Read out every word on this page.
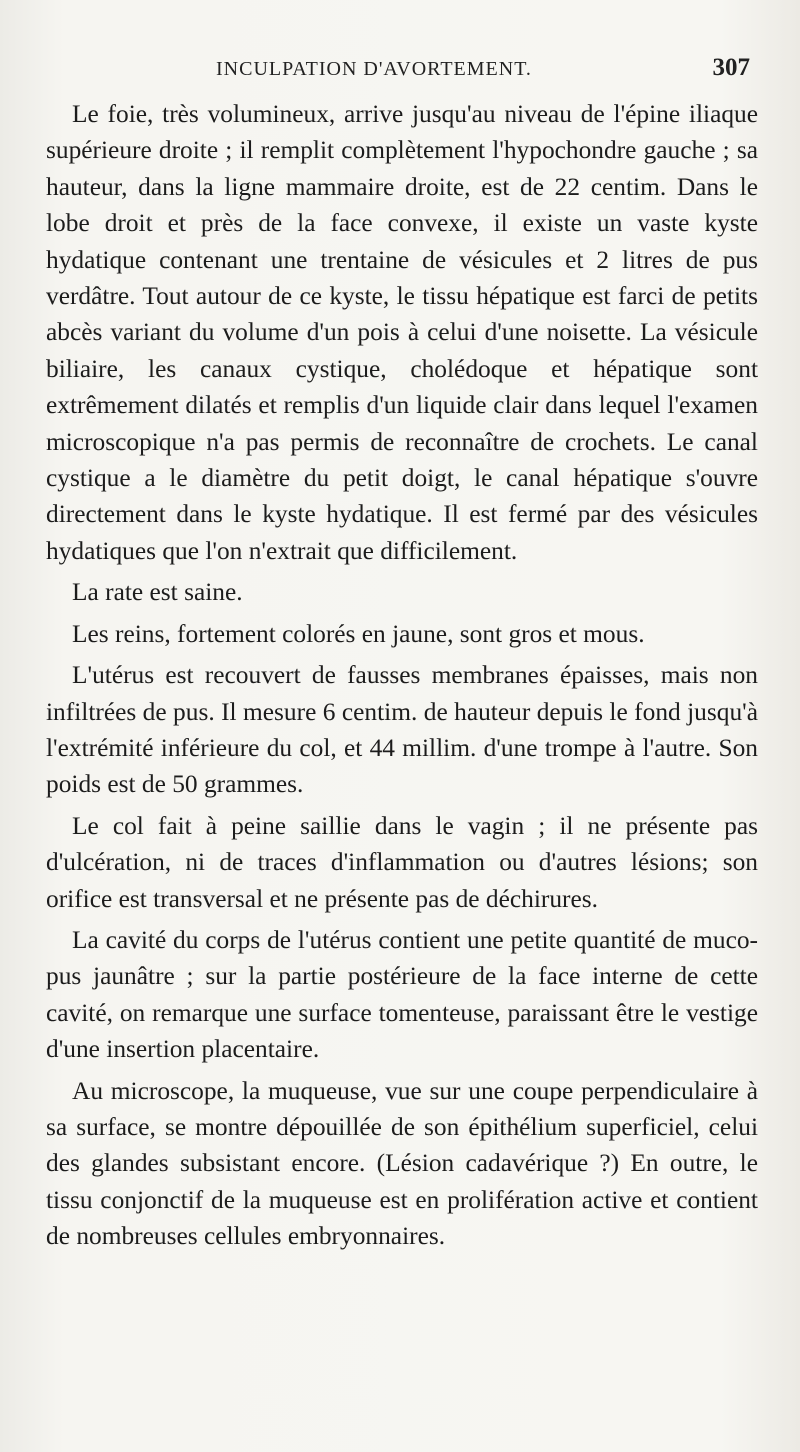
INCULPATION D'AVORTEMENT.	307

Le foie, très volumineux, arrive jusqu'au niveau de l'épine iliaque supérieure droite ; il remplit complètement l'hypochondre gauche ; sa hauteur, dans la ligne mammaire droite, est de 22 centim. Dans le lobe droit et près de la face convexe, il existe un vaste kyste hydatique contenant une trentaine de vésicules et 2 litres de pus verdâtre. Tout autour de ce kyste, le tissu hépatique est farci de petits abcès variant du volume d'un pois à celui d'une noisette. La vésicule biliaire, les canaux cystique, cholédoque et hépatique sont extrêmement dilatés et remplis d'un liquide clair dans lequel l'examen microscopique n'a pas permis de reconnaître de crochets. Le canal cystique a le diamètre du petit doigt, le canal hépatique s'ouvre directement dans le kyste hydatique. Il est fermé par des vésicules hydatiques que l'on n'extrait que difficilement.

La rate est saine.

Les reins, fortement colorés en jaune, sont gros et mous.

L'utérus est recouvert de fausses membranes épaisses, mais non infiltrées de pus. Il mesure 6 centim. de hauteur depuis le fond jusqu'à l'extrémité inférieure du col, et 44 millim. d'une trompe à l'autre. Son poids est de 50 grammes.

Le col fait à peine saillie dans le vagin ; il ne présente pas d'ulcération, ni de traces d'inflammation ou d'autres lésions; son orifice est transversal et ne présente pas de déchirures.

La cavité du corps de l'utérus contient une petite quantité de muco-pus jaunâtre ; sur la partie postérieure de la face interne de cette cavité, on remarque une surface tomenteuse, paraissant être le vestige d'une insertion placentaire.

Au microscope, la muqueuse, vue sur une coupe perpendiculaire à sa surface, se montre dépouillée de son épithélium superficiel, celui des glandes subsistant encore. (Lésion cadavérique ?) En outre, le tissu conjonctif de la muqueuse est en prolifération active et contient de nombreuses cellules embryonnaires.
